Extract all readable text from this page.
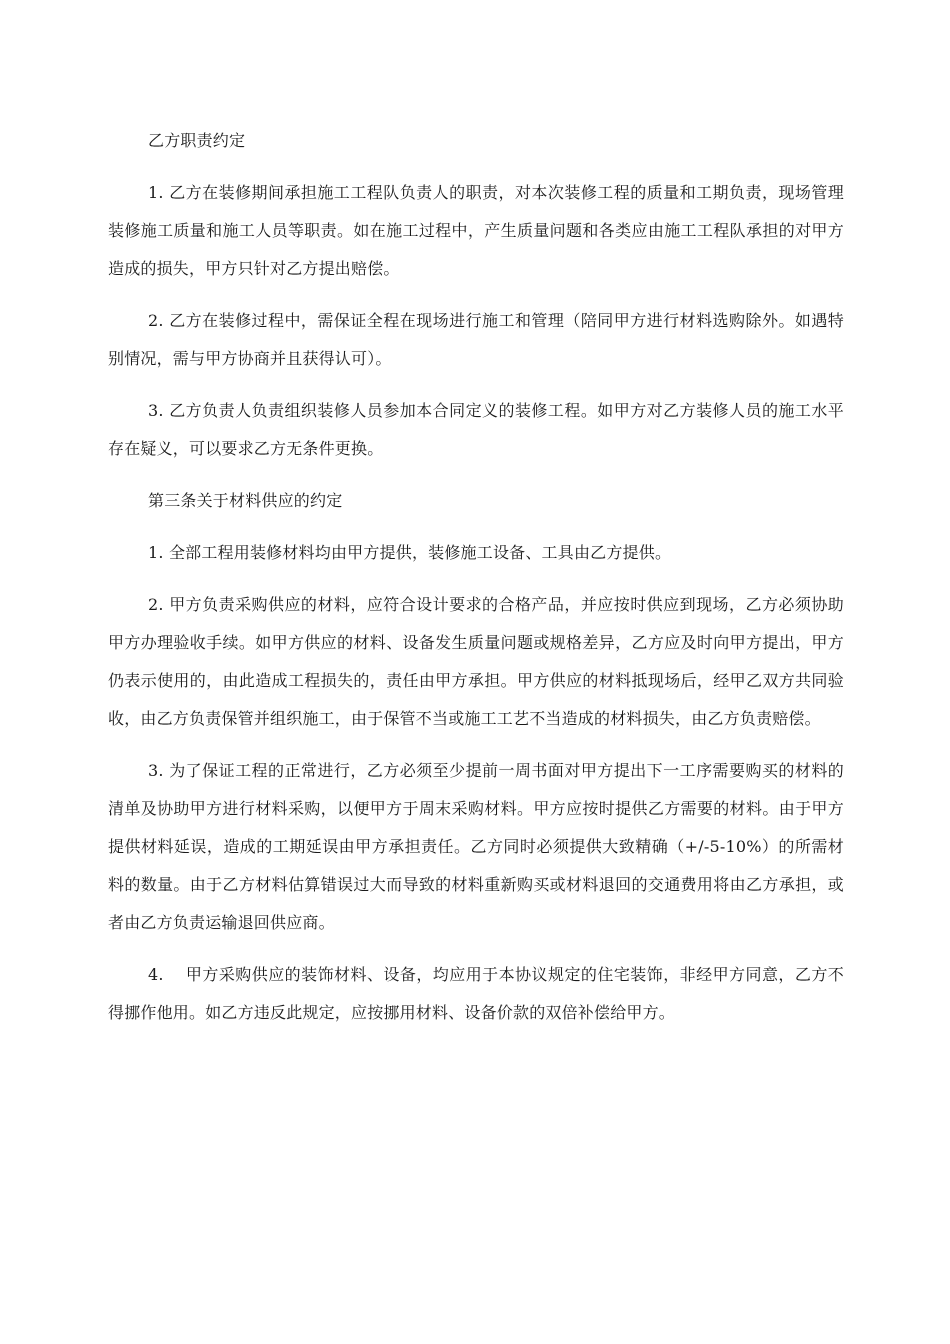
乙方职责约定

1. 乙方在装修期间承担施工工程队负责人的职责，对本次装修工程的质量和工期负责，现场管理装修施工质量和施工人员等职责。如在施工过程中，产生质量问题和各类应由施工工程队承担的对甲方造成的损失，甲方只针对乙方提出赔偿。

2. 乙方在装修过程中，需保证全程在现场进行施工和管理（陪同甲方进行材料选购除外。如遇特别情况，需与甲方协商并且获得认可）。

3. 乙方负责人负责组织装修人员参加本合同定义的装修工程。如甲方对乙方装修人员的施工水平存在疑义，可以要求乙方无条件更换。

第三条关于材料供应的约定

1. 全部工程用装修材料均由甲方提供，装修施工设备、工具由乙方提供。

2. 甲方负责采购供应的材料，应符合设计要求的合格产品，并应按时供应到现场，乙方必须协助甲方办理验收手续。如甲方供应的材料、设备发生质量问题或规格差异，乙方应及时向甲方提出，甲方仍表示使用的，由此造成工程损失的，责任由甲方承担。甲方供应的材料抵现场后，经甲乙双方共同验收，由乙方负责保管并组织施工，由于保管不当或施工工艺不当造成的材料损失，由乙方负责赔偿。

3. 为了保证工程的正常进行，乙方必须至少提前一周书面对甲方提出下一工序需要购买的材料的清单及协助甲方进行材料采购，以便甲方于周末采购材料。甲方应按时提供乙方需要的材料。由于甲方提供材料延误，造成的工期延误由甲方承担责任。乙方同时必须提供大致精确（+/-5-10%）的所需材料的数量。由于乙方材料估算错误过大而导致的材料重新购买或材料退回的交通费用将由乙方承担，或者由乙方负责运输退回供应商。

4.　 甲方采购供应的装饰材料、设备，均应用于本协议规定的住宅装饰，非经甲方同意，乙方不得挪作他用。如乙方违反此规定，应按挪用材料、设备价款的双倍补偿给甲方。
